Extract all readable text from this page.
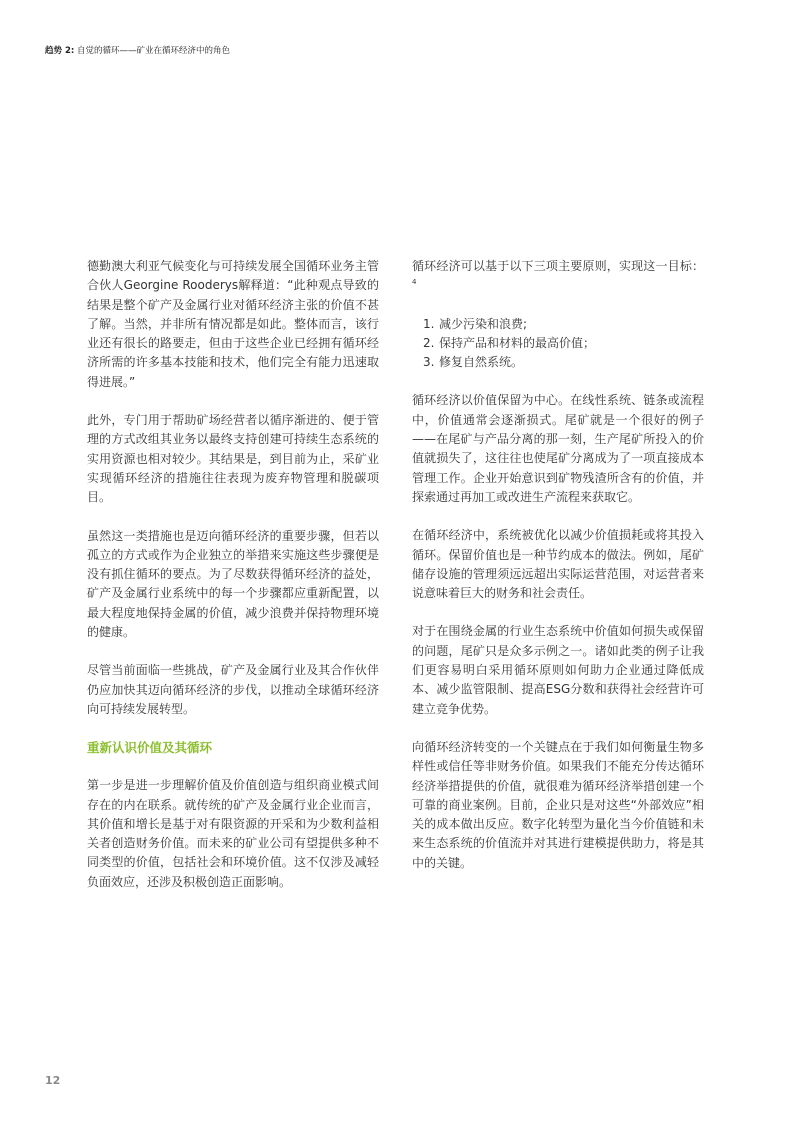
趋势 2: 自觉的循环——矿业在循环经济中的角色

德勤澳大利亚气候变化与可持续发展全国循环业务主管合伙人Georgine Rooderys解释道：“此种观点导致的结果是整个矿产及金属行业对循环经济主张的价值不甚了解。当然，并非所有情况都是如此。整体而言，该行业还有很长的路要走，但由于这些企业已经拥有循环经济所需的许多基本技能和技术，他们完全有能力迅速取得进展。”

此外，专门用于帮助矿场经营者以循序渐进的、便于管理的方式改组其业务以最终支持创建可持续生态系统的实用资源也相对较少。其结果是，到目前为止，采矿业实现循环经济的措施往往表现为废弃物管理和脱碳项目。

虽然这一类措施也是迈向循环经济的重要步骤，但若以孤立的方式或作为企业独立的举措来实施这些步骤便是没有抓住循环的要点。为了尽数获得循环经济的益处，矿产及金属行业系统中的每一个步骤都应重新配置，以最大程度地保持金属的价值，减少浪费并保持物理环境的健康。

尽管当前面临一些挑战，矿产及金属行业及其合作伙伴仍应加快其迈向循环经济的步伐，以推动全球循环经济向可持续发展转型。

重新认识价值及其循环

第一步是进一步理解价值及价值创造与组织商业模式间存在的内在联系。就传统的矿产及金属行业企业而言，其价值和增长是基于对有限资源的开采和为少数利益相关者创造财务价值。而未来的矿业公司有望提供多种不同类型的价值，包括社会和环境价值。这不仅涉及减轻负面效应，还涉及积极创造正面影响。

循环经济可以基于以下三项主要原则，实现这一目标：$^4$

1. 减少污染和浪费;
2. 保持产品和材料的最高价值；
3. 修复自然系统。

循环经济以价值保留为中心。在线性系统、链条或流程中，价值通常会逐渐损式。尾矿就是一个很好的例子——在尾矿与产品分离的那一刻，生产尾矿所投入的价值就损失了，这往往也使尾矿分离成为了一项直接成本管理工作。企业开始意识到矿物残渣所含有的价值，并探索通过再加工或改进生产流程来获取它。

在循环经济中，系统被优化以减少价值损耗或将其投入循环。保留价值也是一种节约成本的做法。例如，尾矿储存设施的管理须远远超出实际运营范围，对运营者来说意味着巨大的财务和社会责任。

对于在围绕金属的行业生态系统中价值如何损失或保留的问题，尾矿只是众多示例之一。诸如此类的例子让我们更容易明白采用循环原则如何助力企业通过降低成本、减少监管限制、提高ESG分数和获得社会经营许可建立竞争优势。

向循环经济转变的一个关键点在于我们如何衡量生物多样性或信任等非财务价值。如果我们不能充分传达循环经济举措提供的价值，就很难为循环经济举措创建一个可靠的商业案例。目前，企业只是对这些“外部效应”相关的成本做出反应。数字化转型为量化当今价值链和未来生态系统的价值流并对其进行建模提供助力，将是其中的关键。

12
